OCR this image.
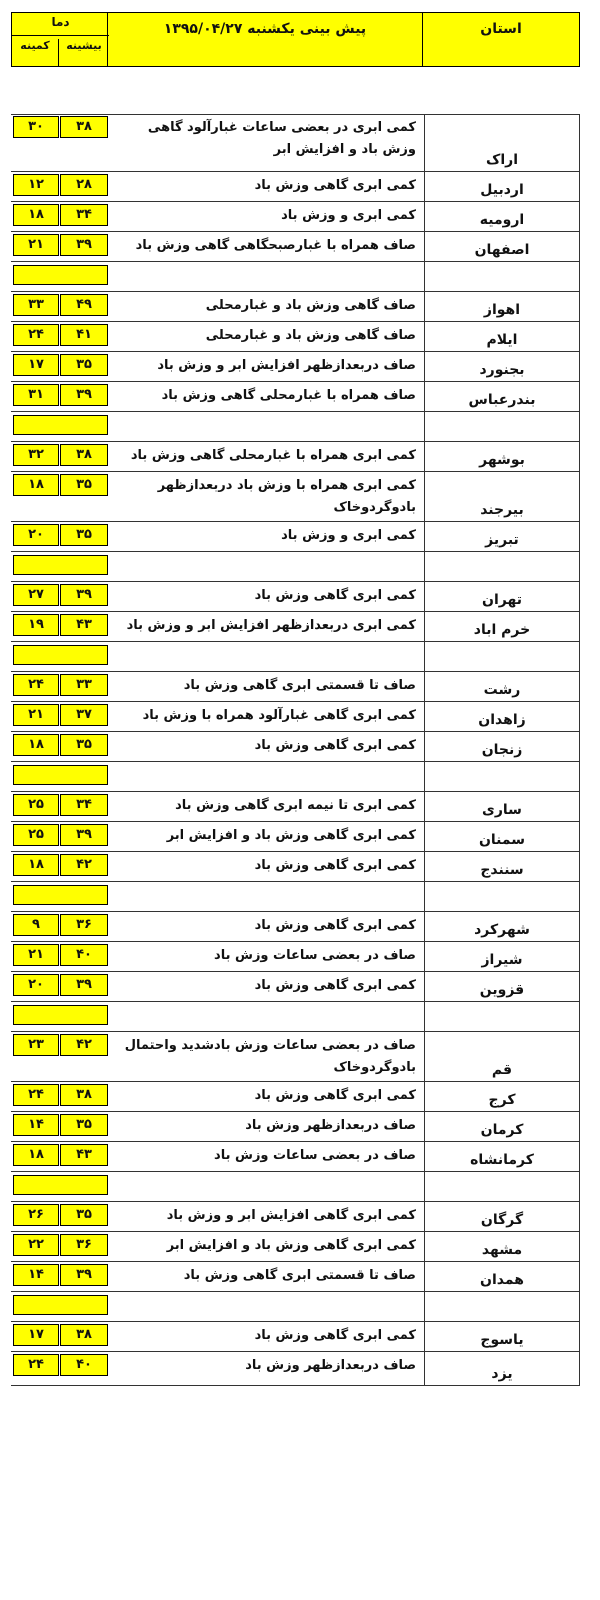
استان
پیش بینی یکشنبه ۱۳۹۵/۰۴/۲۷
دما
بیشینه
کمینه
اراک
کمی ابری در بعضی ساعات غبارآلود گاهی وزش باد و افزایش ابر
۳۸
۳۰
اردبیل
کمی ابری گاهی وزش باد
۲۸
۱۲
ارومیه
کمی ابری و وزش باد
۳۴
۱۸
اصفهان
صاف همراه با غبارصبحگاهی گاهی وزش باد
۳۹
۲۱
اهواز
صاف گاهی وزش باد و غبارمحلی
۴۹
۳۳
ایلام
صاف گاهی وزش باد و غبارمحلی
۴۱
۲۴
بجنورد
صاف دربعدازظهر افزایش ابر و وزش باد
۳۵
۱۷
بندرعباس
صاف همراه با غبارمحلی گاهی وزش باد
۳۹
۳۱
بوشهر
کمی ابری همراه با غبارمحلی گاهی وزش باد
۳۸
۳۲
بیرجند
کمی ابری همراه با وزش باد دربعدازظهر بادوگردوخاک
۳۵
۱۸
تبریز
کمی ابری و وزش باد
۳۵
۲۰
تهران
کمی ابری گاهی وزش باد
۳۹
۲۷
خرم اباد
کمی ابری دربعدازظهر افزایش ابر و وزش باد
۴۳
۱۹
رشت
صاف تا قسمتی ابری گاهی وزش باد
۳۳
۲۴
زاهدان
کمی ابری گاهی غبارآلود همراه با وزش باد
۳۷
۲۱
زنجان
کمی ابری گاهی وزش باد
۳۵
۱۸
ساری
کمی ابری تا نیمه ابری گاهی وزش باد
۳۴
۲۵
سمنان
کمی ابری گاهی وزش باد و افزایش ابر
۳۹
۲۵
سنندج
کمی ابری گاهی وزش باد
۴۲
۱۸
شهرکرد
کمی ابری گاهی وزش باد
۳۶
۹
شیراز
صاف در بعضی ساعات وزش باد
۴۰
۲۱
قزوین
کمی ابری گاهی وزش باد
۳۹
۲۰
قم
صاف در بعضی ساعات وزش بادشدید واحتمال بادوگردوخاک
۴۲
۲۳
کرج
کمی ابری گاهی وزش باد
۳۸
۲۴
کرمان
صاف دربعدازظهر وزش باد
۳۵
۱۴
کرمانشاه
صاف در بعضی ساعات وزش باد
۴۳
۱۸
گرگان
کمی ابری گاهی افزایش ابر و وزش باد
۳۵
۲۶
مشهد
کمی ابری گاهی وزش باد و افزایش ابر
۳۶
۲۲
همدان
صاف تا قسمتی ابری گاهی وزش باد
۳۹
۱۴
یاسوج
کمی ابری گاهی وزش باد
۳۸
۱۷
یزد
صاف دربعدازظهر وزش باد
۴۰
۲۴
